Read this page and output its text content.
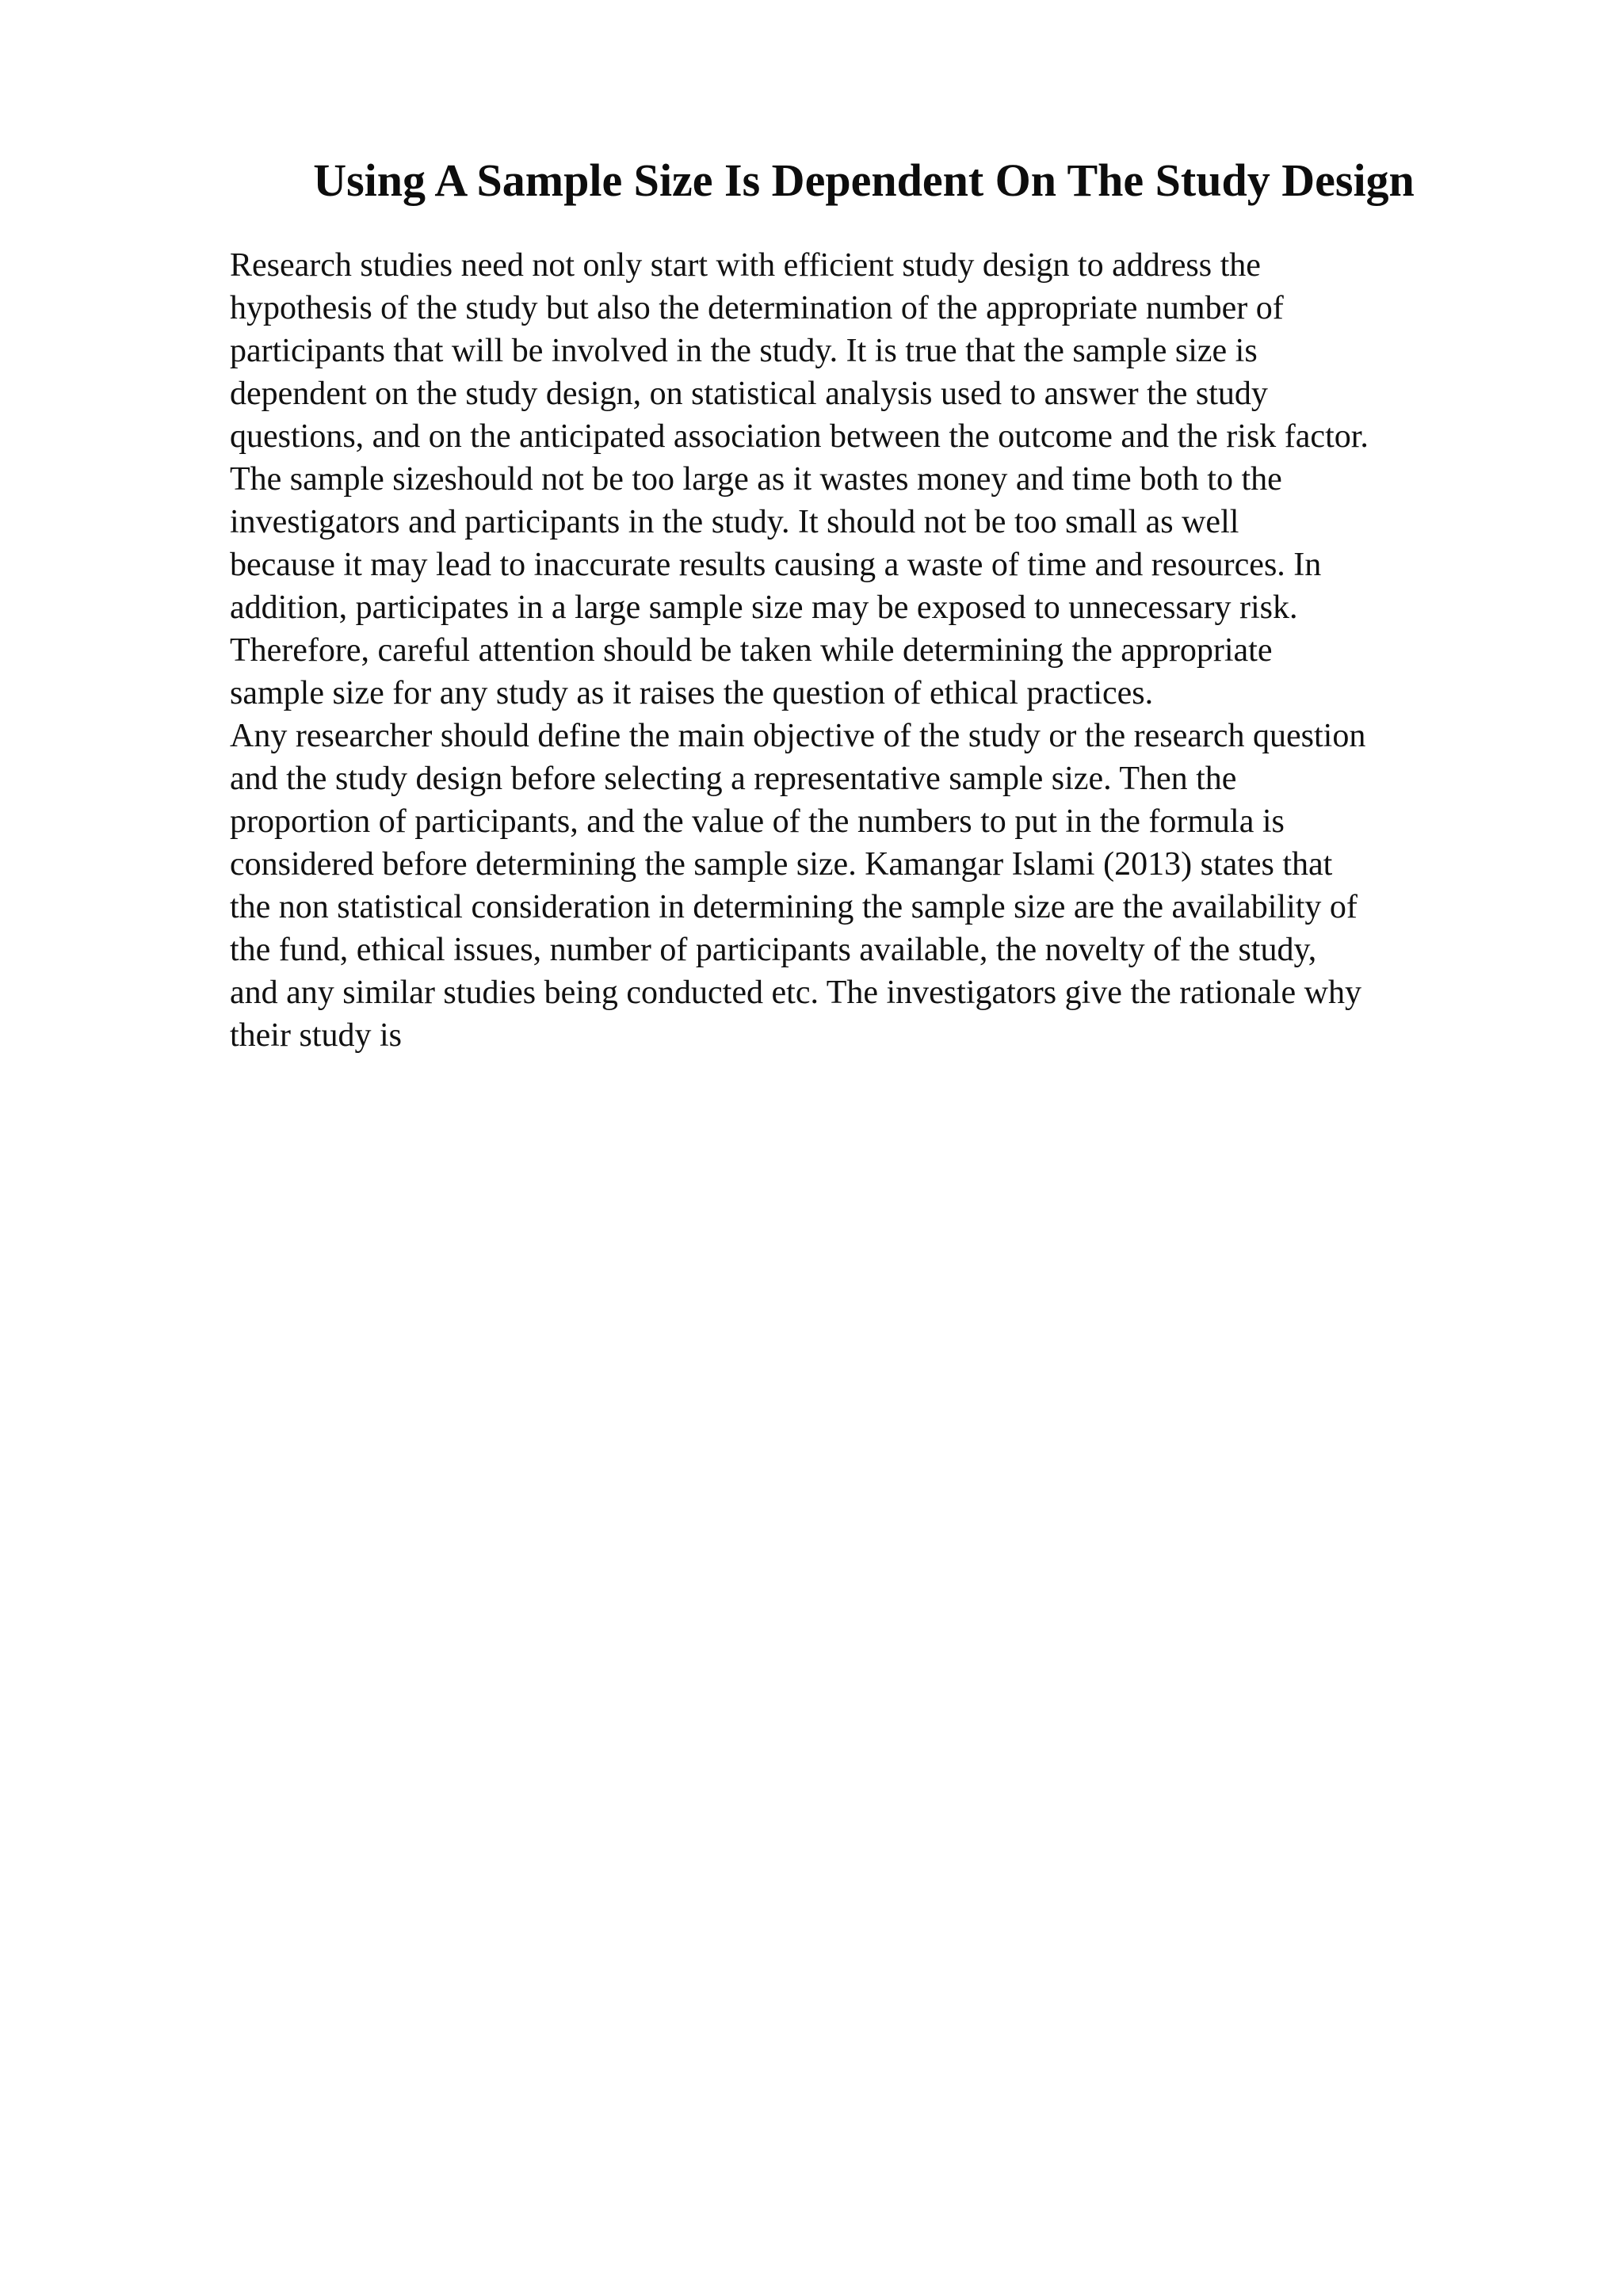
Using A Sample Size Is Dependent On The Study Design
Research studies need not only start with efficient study design to address the
hypothesis of the study but also the determination of the appropriate number of
participants that will be involved in the study. It is true that the sample size is
dependent on the study design, on statistical analysis used to answer the study
questions, and on the anticipated association between the outcome and the risk factor.
The sample sizeshould not be too large as it wastes money and time both to the
investigators and participants in the study. It should not be too small as well
because it may lead to inaccurate results causing a waste of time and resources. In
addition, participates in a large sample size may be exposed to unnecessary risk.
Therefore, careful attention should be taken while determining the appropriate
sample size for any study as it raises the question of ethical practices.
Any researcher should define the main objective of the study or the research question
and the study design before selecting a representative sample size. Then the
proportion of participants, and the value of the numbers to put in the formula is
considered before determining the sample size. Kamangar Islami (2013) states that
the non statistical consideration in determining the sample size are the availability of
the fund, ethical issues, number of participants available, the novelty of the study,
and any similar studies being conducted etc. The investigators give the rationale why
their study is
